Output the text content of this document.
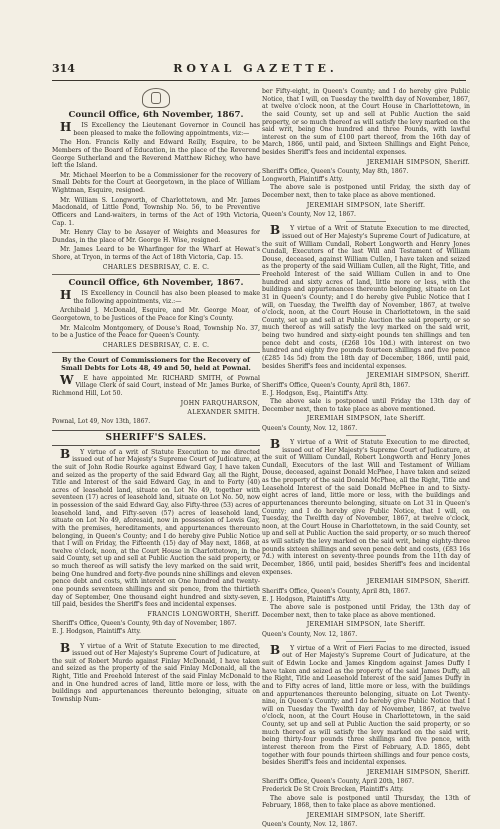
314	ROYAL GAZETTE.
Council Office, 6th November, 1867.

HIS Excellency the Lieutenant Governor in Council has been pleased to make the following appointments, viz:—

The Hon. Francis Kelly and Edward Reilly, Esquire, to be Members of the Board of Education, in the place of the Reverend George Sutherland and the Reverend Matthew Richey, who have left the Island.

Mr. Michael Meerlon to be a Commissioner for the recovery of Small Debts for the Court at Georgetown, in the place of William Wightman, Esquire, resigned.

Mr. William S. Longworth, of Charlottetown, and Mr. James Macdonald, of Little Pond, Township No. 56, to be Preventive Officers and Land-waiters, in terms of the Act of 19th Victoria, Cap. 1.

Mr. Henry Clay to be Assayer of Weights and Measures for Dundas, in the place of Mr. George H. Wise, resigned.

Mr. James Leard to be Wharfinger for the Wharf at Hewat's Shore, at Tryon, in terms of the Act of 18th Victoria, Cap. 15.

CHARLES DESBRISAY, C. E. C.
Council Office, 6th November, 1867.

HIS Excellency in Council has also been pleased to make the following appointments, viz.:—

Archibald J. McDonald, Esquire, and Mr. George Moar, of Georgetown, to be Justices of the Peace for King's County.

Mr. Malcolm Montgomery, of Douse's Road, Township No. 37, to be a Justice of the Peace for Queen's County.

CHARLES DESBRISAY, C. E. C.
By the Court of Commissioners for the Recovery of Small Debts for Lots 48, 49 and 50, held at Pownal.

WE have appointed Mr. RICHARD SMITH, of Pownal Village Clerk of said Court, instead of Mr. James Burke, of Richmond Hill, Lot 50.

JOHN FARQUHARSON,
ALEXANDER SMITH.
Pownal, Lot 49, Nov 13th, 1867.
SHERIFF'S SALES.

BY virtue of a writ of Statute Execution to me directed issued out of her Majesty's Supreme Court of Judicature, at the suit of John Rodie Rourke against Edward Gay, I have taken and seized as the property of the said Edward Gay, all the Right, Title and Interest of the said Edward Gay, in and to Forty (40) acres of leasehold land, situate on Lot No 49, together with seventeen (17) acres of leasehold land, situate on Lot No. 50, now in possession of the said Edward Gay, also Fifty-three (53) acres of leasehold land, and Fifty-seven (57) acres of leasehold land, situate on Lot No 49, aforesaid, now in possession of Lewis Gay, with the premises, hereditaments, and appurtenances thereunto belonging, in Queen's County; and I do hereby give Public Notice that I will on Friday, the Fifteenth (15) day of May next, 1868, at twelve o'clock, noon, at the Court House in Charlottetown, in the said County, set up and sell at Public Auction the said property, or so much thereof as will satisfy the levy marked on the said writ, being One hundred and forty-five pounds nine shillings and eleven pence debt and costs, with interest on One hundred and twenty-one pounds seventeen shillings and six pence, from the thirtieth day of September, One thousand eight hundred and sixty-seven, till paid, besides the Sheriff's fees and incidental expenses.

FRANCIS LONGWORTH, Sheriff.
Sheriff's Office, Queen's County, 9th day of November, 1867.
E. J. Hodgson, Plaintiff's Atty.

BY virtue of a Writ of Statute Execution to me directed, issued out of Her Majesty's Supreme Court of Judicature, at the suit of Robert Murdo against Finlay McDonald, I have taken and seized as the property of the said Finlay McDonald, all the Right, Title and Freehold Interest of the said Finlay McDonald to and in One hundred acres of land, little more or less, with the buildings and appurtenances thereunto belonging, situate on Township Num-

ber Fifty-eight, in Queen's County; and I do hereby give Public Notice, that I will, on Tuesday the twelfth day of November, 1867, at twelve o'clock noon, at the Court House in Charlottetown, in the said County, set up and sell at Public Auction the said property, or so much thereof as will satisfy the levy marked on the said writ, being One hundred and three Pounds, with lawful interest on the sum of £100 part thereof, from the 16th day of March, 1866, until paid, and Sixteen Shillings and Eight Pence, besides Sheriff's fees and incidental expenses.

JEREMIAH SIMPSON, Sheriff.
Sheriff's Office, Queen's County, May 8th, 1867.
Longworth, Plaintiff's Atty.

The above sale is postponed until Friday, the sixth day of December next, then to take place as above mentioned.

JEREMIAH SIMPSON, late Sheriff.
Queen's County, Nov 12, 1867.

BY virtue of a Writ of Statute Execution to me directed, issued out of Her Majesty's Supreme Court of Judicature, at the suit of William Cundall, Robert Longworth and Henry Jones Cundall, Executors of the last Will and Testament of William Douse, deceased, against William Cullen, I have taken and seized as the property of the said William Cullen, all the Right, Title, and Freehold Interest of the said William Cullen in and to One hundred and sixty acres of land, little more or less, with the buildings and appurtenances thereunto belonging, situate on Lot 31 in Queen's County; and I do hereby give Public Notice that I will, on Tuesday, the Twelfth day of November, 1867, at twelve o'clock, noon, at the Court House in Charlottetown, in the said County, set up and sell at Public Auction the said property, or so much thereof as will satisfy the levy marked on the said writ, being two hundred and sixty-eight pounds ten shillings and ten pence debt and costs, (£268 10s 10d.) with interest on two hundred and eighty five pounds fourteen shillings and five pence (£285 14s 5d) from the 18th day of December, 1866, until paid, besides Sheriff's fees and incidental expenses.

JEREMIAH SIMPSON, Sheriff.
Sheriff's Office, Queen's County, April 8th, 1867.
E. J. Hodgson, Esq., Plaintiff's Atty.

The above sale is postponed until Friday the 13th day of December next, then to take place as above mentioned.

JEREMIAH SIMPSON, late Sheriff.
Queen's County, Nov. 12, 1867.

BY virtue of a Writ of Statute Execution to me directed, issued out of Her Majesty's Supreme Court of Judicature, at the suit of William Cundall, Robert Longworth and Henry Jones Cundall, Executors of the last Will and Testament of William Douse, deceased, against Donald McPhee, I have taken and seized as the property of the said Donald McPhee, all the Right, Title and Leasehold Interest of the said Donald McPhee in and to Sixty-eight acres of land, little more or less, with the buildings and appurtenances thereunto belonging, situate on Lot 31 in Queen's County; and I do hereby give Public Notice, that I will, on Tuesday, the Twelfth day of November, 1867, at twelve o'clock, noon, at the Court House in Charlottetown, in the said County, set up and sell at Public Auction the said property, or so much thereof as will satisfy the levy marked on the said writ, being eighty-three pounds sixteen shillings and seven pence debt and costs, (£83 16s 7d.) with interest on seventy-three pounds from the 11th day of December, 1866, until paid, besides Sheriff's fees and incidental expenses.

JEREMIAH SIMPSON, Sheriff.
Sheriff's Office, Queen's County, April 8th, 1867.
E. J. Hodgson, Plaintiff's Atty.

The above sale is postponed until Friday, the 13th day of December next, then to take place as above mentioned.

JEREMIAH SIMPSON, late Sheriff.
Queen's County, Nov. 12, 1867.

BY virtue of a Writ of Fieri Facias to me directed, issued out of Her Majesty's Supreme Court of Judicature, at the suit of Edwin Locke and James Kingdom against James Duffy I have taken and seized as the property of the said James Duffy, all the Right, Title and Leasehold Interest of the said James Duffy in and to Fifty acres of land, little more or less, with the buildings and appurtenances thereunto belonging, situate on Lot Twenty-nine, in Queen's County; and I do hereby give Public Notice that I will on Tuesday the Twelfth day of November, 1867, at twelve o'clock, noon, at the Court House in Charlottetown, in the said County, set up and sell at Public Auction the said property, or so much thereof as will satisfy the levy marked on the said writ, being thirty-four pounds three shillings and five pence, with interest thereon from the First of February, A.D. 1865, debt together with four pounds thirteen shillings and four pence costs, besides Sheriff's fees and incidental expenses.

JEREMIAH SIMPSON, Sheriff.
Sheriff's Office, Queen's County, April 20th, 1867.
Frederick De St Croix Brecken, Plaintiff's Atty.

The above sale is postponed until Thursday, the 13th of February, 1868, then to take place as above mentioned.

JEREMIAH SIMPSON, late Sheriff.
Queen's County, Nov. 12, 1867.
